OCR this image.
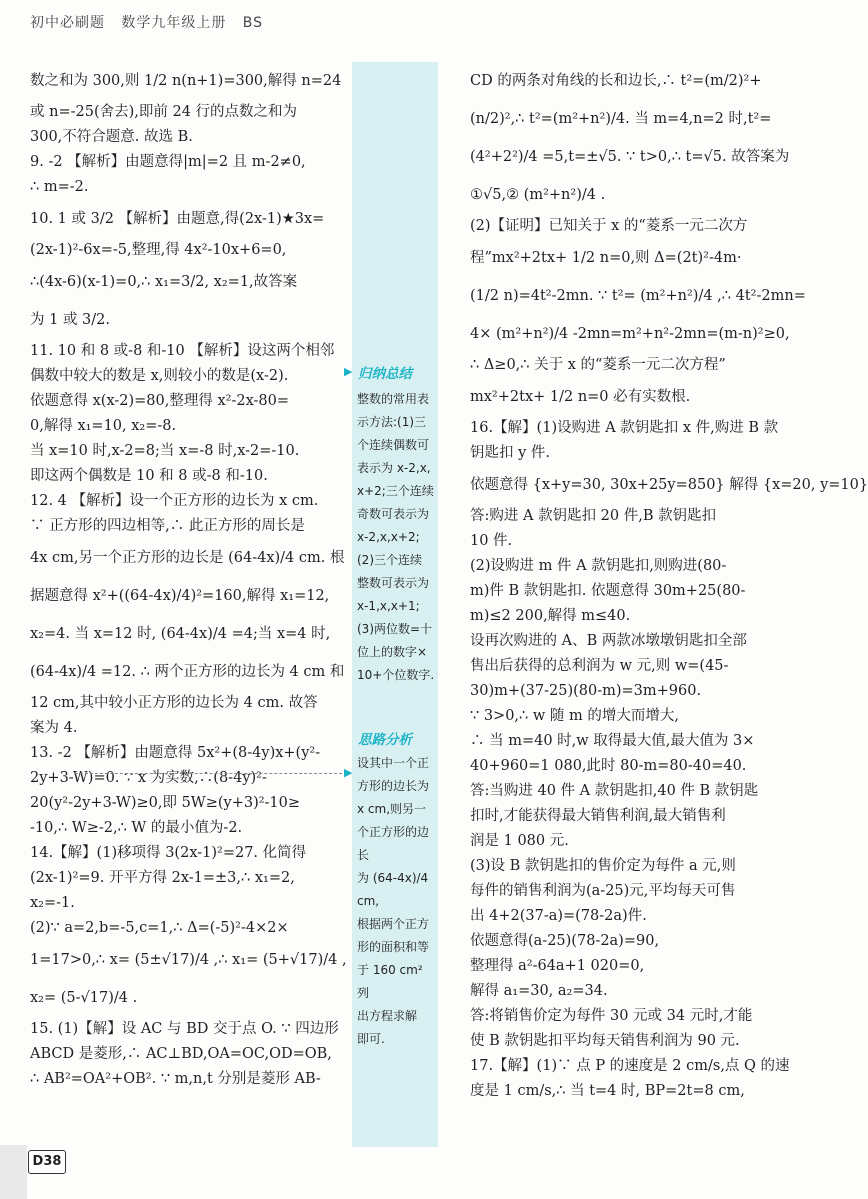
初中必刷题 数学九年级上册 BS
数之和为 300,则 1/2 n(n+1)=300,解得 n=24
或 n=-25(舍去),即前 24 行的点数之和为
300,不符合题意. 故选 B.
9. -2 【解析】由题意得|m|=2 且 m-2≠0,
∴ m=-2.
10. 1 或 3/2 【解析】由题意,得(2x-1)★3x=
(2x-1)²-6x=-5,整理,得 4x²-10x+6=0,
∴(4x-6)(x-1)=0,∴ x₁=3/2, x₂=1,故答案
为 1 或 3/2.
11. 10 和 8 或-8 和-10 【解析】设这两个相邻
偶数中较大的数是 x,则较小的数是(x-2).
依题意得 x(x-2)=80,整理得 x²-2x-80=
0,解得 x₁=10, x₂=-8.
当 x=10 时,x-2=8;当 x=-8 时,x-2=-10.
即这两个偶数是 10 和 8 或-8 和-10.
12. 4 【解析】设一个正方形的边长为 x cm.
∵ 正方形的四边相等,∴ 此正方形的周长是
4x cm,另一个正方形的边长是 (64-4x)/4 cm. 根
据题意得 x²+((64-4x)/4)²=160,解得 x₁=12,
x₂=4. 当 x=12 时, (64-4x)/4 =4;当 x=4 时,
(64-4x)/4 =12. ∴ 两个正方形的边长为 4 cm 和
12 cm,其中较小正方形的边长为 4 cm. 故答
案为 4.
13. -2 【解析】由题意得 5x²+(8-4y)x+(y²-
2y+3-W)=0. ∵ x 为实数,∴(8-4y)²-
20(y²-2y+3-W)≥0,即 5W≥(y+3)²-10≥
-10,∴ W≥-2,∴ W 的最小值为-2.
14.【解】(1)移项得 3(2x-1)²=27. 化简得
(2x-1)²=9. 开平方得 2x-1=±3,∴ x₁=2,
x₂=-1.
(2)∵ a=2,b=-5,c=1,∴ Δ=(-5)²-4×2×
1=17>0,∴ x= (5±√17)/4 ,∴ x₁= (5+√17)/4 ,
x₂= (5-√17)/4 .
15. (1)【解】设 AC 与 BD 交于点 O. ∵ 四边形
ABCD 是菱形,∴ AC⊥BD,OA=OC,OD=OB,
∴ AB²=OA²+OB². ∵ m,n,t 分别是菱形 AB-
▶ 归纳总结
整数的常用表
示方法:(1)三
个连续偶数可
表示为 x-2,x,
x+2;三个连续
奇数可表示为
x-2,x,x+2;
(2)三个连续
整数可表示为
x-1,x,x+1;
(3)两位数=十
位上的数字×
10+个位数字.
▶
思路分析
设其中一个正
方形的边长为
x cm,则另一
个正方形的边长
为 (64-4x)/4 cm,
根据两个正方
形的面积和等
于 160 cm² 列
出方程求解
即可.
CD 的两条对角线的长和边长,∴ t²=(m/2)²+
(n/2)²,∴ t²=(m²+n²)/4. 当 m=4,n=2 时,t²=
(4²+2²)/4 =5,t=±√5. ∵ t>0,∴ t=√5. 故答案为
①√5,② (m²+n²)/4 .
(2)【证明】已知关于 x 的“菱系一元二次方
程”mx²+2tx+ 1/2 n=0,则 Δ=(2t)²-4m·
(1/2 n)=4t²-2mn. ∵ t²= (m²+n²)/4 ,∴ 4t²-2mn=
4× (m²+n²)/4 -2mn=m²+n²-2mn=(m-n)²≥0,
∴ Δ≥0,∴ 关于 x 的“菱系一元二次方程”
mx²+2tx+ 1/2 n=0 必有实数根.
16.【解】(1)设购进 A 款钥匙扣 x 件,购进 B 款
钥匙扣 y 件.
依题意得 {x+y=30, 30x+25y=850} 解得 {x=20, y=10}
答:购进 A 款钥匙扣 20 件,B 款钥匙扣
10 件.
(2)设购进 m 件 A 款钥匙扣,则购进(80-
m)件 B 款钥匙扣. 依题意得 30m+25(80-
m)≤2 200,解得 m≤40.
设再次购进的 A、B 两款冰墩墩钥匙扣全部
售出后获得的总利润为 w 元,则 w=(45-
30)m+(37-25)(80-m)=3m+960.
∵ 3>0,∴ w 随 m 的增大而增大,
∴ 当 m=40 时,w 取得最大值,最大值为 3×
40+960=1 080,此时 80-m=80-40=40.
答:当购进 40 件 A 款钥匙扣,40 件 B 款钥匙
扣时,才能获得最大销售利润,最大销售利
润是 1 080 元.
(3)设 B 款钥匙扣的售价定为每件 a 元,则
每件的销售利润为(a-25)元,平均每天可售
出 4+2(37-a)=(78-2a)件.
依题意得(a-25)(78-2a)=90,
整理得 a²-64a+1 020=0,
解得 a₁=30, a₂=34.
答:将销售价定为每件 30 元或 34 元时,才能
使 B 款钥匙扣平均每天销售利润为 90 元.
17.【解】(1)∵ 点 P 的速度是 2 cm/s,点 Q 的速
度是 1 cm/s,∴ 当 t=4 时, BP=2t=8 cm,
D38
